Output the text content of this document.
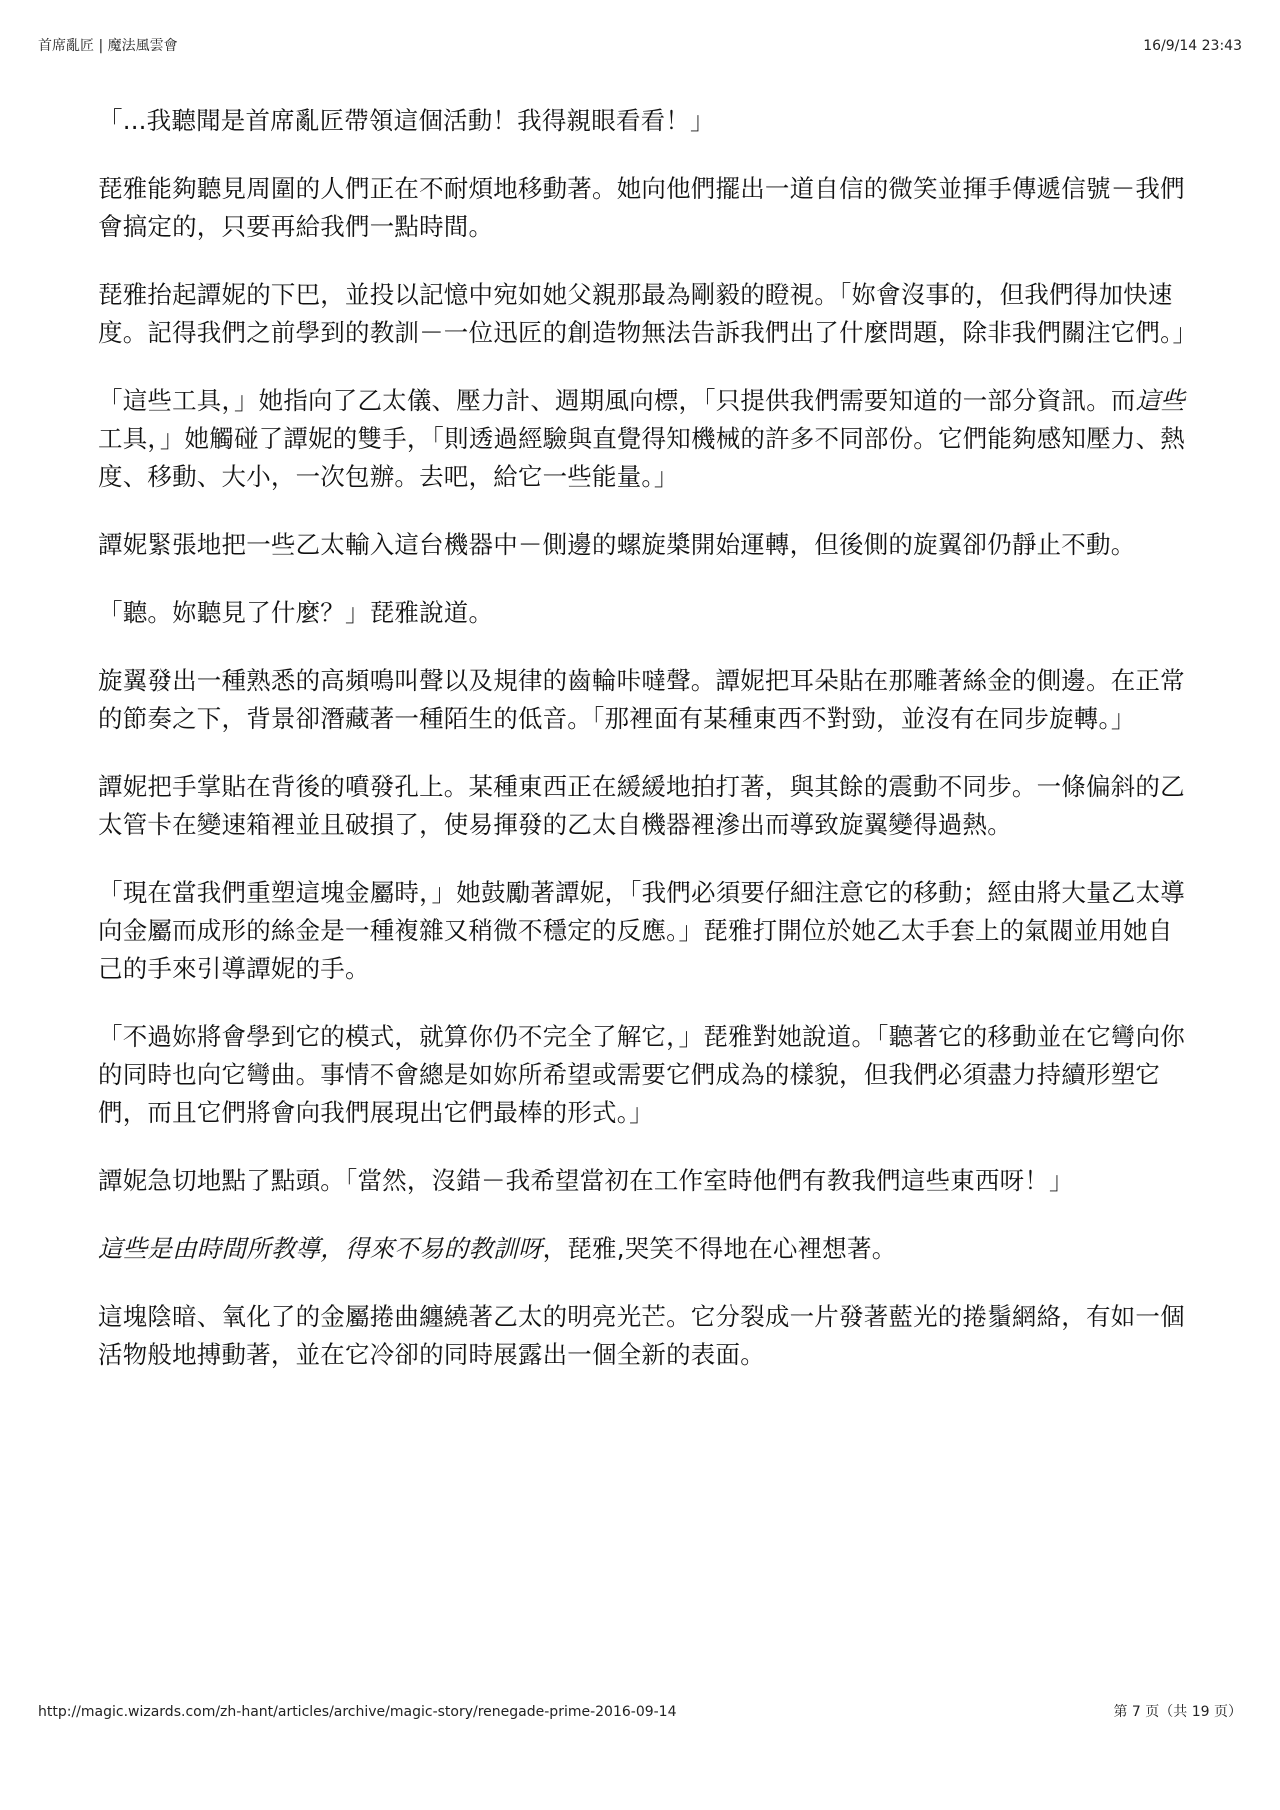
首席亂匠 | 魔法風雲會	16/9/14 23:43

「...我聽聞是首席亂匠帶領這個活動！我得親眼看看！」

琵雅能夠聽見周圍的人們正在不耐煩地移動著。她向他們擺出一道自信的微笑並揮手傳遞信號－我們會搞定的，只要再給我們一點時間。

琵雅抬起譚妮的下巴，並投以記憶中宛如她父親那最為剛毅的瞪視。「妳會沒事的，但我們得加快速度。記得我們之前學到的教訓－一位迅匠的創造物無法告訴我們出了什麼問題，除非我們關注它們。」

「這些工具，」她指向了乙太儀、壓力計、週期風向標，「只提供我們需要知道的一部分資訊。而這些工具，」她觸碰了譚妮的雙手，「則透過經驗與直覺得知機械的許多不同部份。它們能夠感知壓力、熱度、移動、大小，一次包辦。去吧，給它一些能量。」

譚妮緊張地把一些乙太輸入這台機器中－側邊的螺旋槳開始運轉，但後側的旋翼卻仍靜止不動。

「聽。妳聽見了什麼？」琵雅說道。

旋翼發出一種熟悉的高頻鳴叫聲以及規律的齒輪咔噠聲。譚妮把耳朵貼在那雕著絲金的側邊。在正常的節奏之下，背景卻潛藏著一種陌生的低音。「那裡面有某種東西不對勁，並沒有在同步旋轉。」

譚妮把手掌貼在背後的噴發孔上。某種東西正在緩緩地拍打著，與其餘的震動不同步。一條偏斜的乙太管卡在變速箱裡並且破損了，使易揮發的乙太自機器裡滲出而導致旋翼變得過熱。

「現在當我們重塑這塊金屬時，」她鼓勵著譚妮，「我們必須要仔細注意它的移動；經由將大量乙太導向金屬而成形的絲金是一種複雜又稍微不穩定的反應。」琵雅打開位於她乙太手套上的氣閥並用她自己的手來引導譚妮的手。

「不過妳將會學到它的模式，就算你仍不完全了解它，」琵雅對她說道。「聽著它的移動並在它彎向你的同時也向它彎曲。事情不會總是如妳所希望或需要它們成為的樣貌，但我們必須盡力持續形塑它們，而且它們將會向我們展現出它們最棒的形式。」

譚妮急切地點了點頭。「當然，沒錯－我希望當初在工作室時他們有教我們這些東西呀！」

這些是由時間所教導，得來不易的教訓呀，琵雅,哭笑不得地在心裡想著。

這塊陰暗、氧化了的金屬捲曲纏繞著乙太的明亮光芒。它分裂成一片發著藍光的捲鬚網絡，有如一個活物般地搏動著，並在它冷卻的同時展露出一個全新的表面。

http://magic.wizards.com/zh-hant/articles/archive/magic-story/renegade-prime-2016-09-14	第 7 页（共 19 页）
